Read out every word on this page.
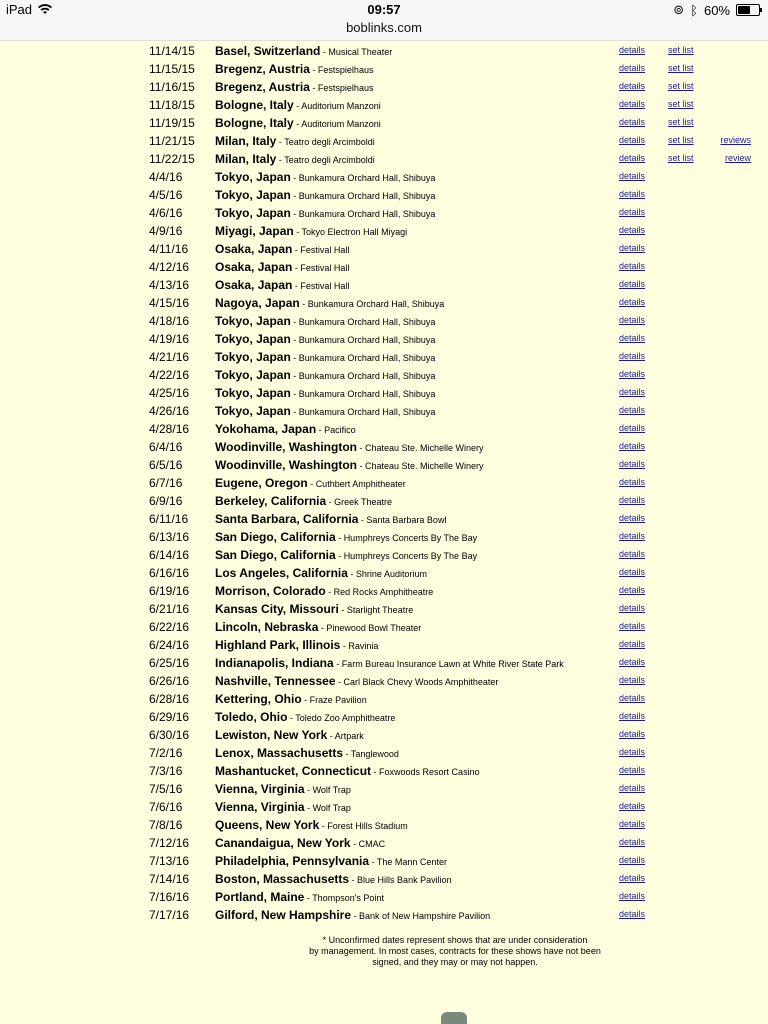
iPad	09:57	⊚ ᛒ 60%
boblinks.com
11/14/15 Basel, Switzerland - Musical Theater	details	set list
11/15/15 Bregenz, Austria - Festspielhaus	details	set list
11/16/15 Bregenz, Austria - Festspielhaus	details	set list
11/18/15 Bologne, Italy - Auditorium Manzoni	details	set list
11/19/15 Bologne, Italy - Auditorium Manzoni	details	set list
11/21/15 Milan, Italy - Teatro degli Arcimboldi	details	set list	reviews
11/22/15 Milan, Italy - Teatro degli Arcimboldi	details	set list	review
4/4/16	Tokyo, Japan - Bunkamura Orchard Hall, Shibuya	details
4/5/16	Tokyo, Japan - Bunkamura Orchard Hall, Shibuya	details
4/6/16	Tokyo, Japan - Bunkamura Orchard Hall, Shibuya	details
4/9/16	Miyagi, Japan - Tokyo Electron Hall Miyagi	details
4/11/16 Osaka, Japan - Festival Hall	details
4/12/16 Osaka, Japan - Festival Hall	details
4/13/16 Osaka, Japan - Festival Hall	details
4/15/16 Nagoya, Japan - Bunkamura Orchard Hall, Shibuya	details
4/18/16 Tokyo, Japan - Bunkamura Orchard Hall, Shibuya	details
4/19/16 Tokyo, Japan - Bunkamura Orchard Hall, Shibuya	details
4/21/16 Tokyo, Japan - Bunkamura Orchard Hall, Shibuya	details
4/22/16 Tokyo, Japan - Bunkamura Orchard Hall, Shibuya	details
4/25/16 Tokyo, Japan - Bunkamura Orchard Hall, Shibuya	details
4/26/16 Tokyo, Japan - Bunkamura Orchard Hall, Shibuya	details
4/28/16 Yokohama, Japan - Pacifico	details
6/4/16	Woodinville, Washington - Chateau Ste. Michelle Winery	details
6/5/16	Woodinville, Washington - Chateau Ste. Michelle Winery	details
6/7/16	Eugene, Oregon - Cuthbert Amphitheater	details
6/9/16	Berkeley, California - Greek Theatre	details
6/11/16 Santa Barbara, California - Santa Barbara Bowl	details
6/13/16 San Diego, California - Humphreys Concerts By The Bay	details
6/14/16 San Diego, California - Humphreys Concerts By The Bay	details
6/16/16 Los Angeles, California - Shrine Auditorium	details
6/19/16 Morrison, Colorado - Red Rocks Amphitheatre	details
6/21/16 Kansas City, Missouri - Starlight Theatre	details
6/22/16 Lincoln, Nebraska - Pinewood Bowl Theater	details
6/24/16 Highland Park, Illinois - Ravinia	details
6/25/16 Indianapolis, Indiana - Farm Bureau Insurance Lawn at White River State Park	details
6/26/16 Nashville, Tennessee - Carl Black Chevy Woods Amphitheater	details
6/28/16 Kettering, Ohio - Fraze Pavilion	details
6/29/16 Toledo, Ohio - Toledo Zoo Amphitheatre	details
6/30/16 Lewiston, New York - Artpark	details
7/2/16	Lenox, Massachusetts - Tanglewood	details
7/3/16	Mashantucket, Connecticut - Foxwoods Resort Casino	details
7/5/16	Vienna, Virginia - Wolf Trap	details
7/6/16	Vienna, Virginia - Wolf Trap	details
7/8/16	Queens, New York - Forest Hills Stadium	details
7/12/16 Canandaigua, New York - CMAC	details
7/13/16 Philadelphia, Pennsylvania - The Mann Center	details
7/14/16 Boston, Massachusetts - Blue Hills Bank Pavilion	details
7/16/16 Portland, Maine - Thompson's Point	details
7/17/16 Gilford, New Hampshire - Bank of New Hampshire Pavilion	details
* Unconfirmed dates represent shows that are under consideration
by management. In most cases, contracts for these shows have not been
signed, and they may or may not happen.
